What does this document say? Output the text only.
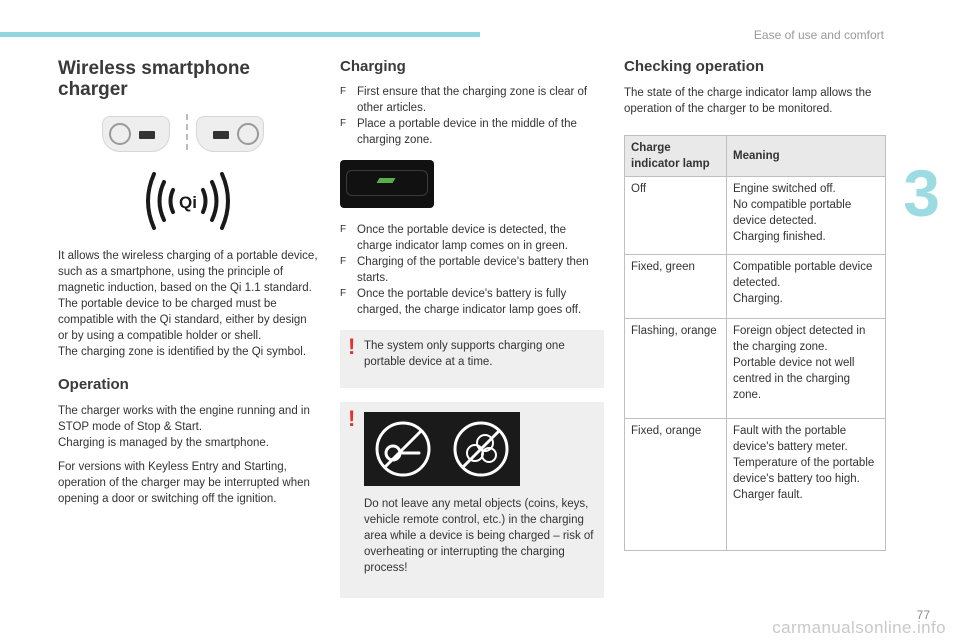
Ease of use and comfort
3
Wireless smartphone charger
Qi

It allows the wireless charging of a portable device, such as a smartphone, using the principle of magnetic induction, based on the Qi 1.1 standard.

The portable device to be charged must be compatible with the Qi standard, either by design or by using a compatible holder or shell.

The charging zone is identified by the Qi symbol.

Operation

The charger works with the engine running and in STOP mode of Stop & Start.

Charging is managed by the smartphone.

For versions with Keyless Entry and Starting, operation of the charger may be interrupted when opening a door or switching off the ignition.

Charging
F First ensure that the charging zone is clear of other articles.
F Place a portable device in the middle of the charging zone.
F Once the portable device is detected, the charge indicator lamp comes on in green.
F Charging of the portable device's battery then starts.
F Once the portable device's battery is fully charged, the charge indicator lamp goes off.
! The system only supports charging one portable device at a time.

!

Do not leave any metal objects (coins, keys, vehicle remote control, etc.) in the charging area while a device is being charged – risk of overheating or interrupting the charging process!

Checking operation

The state of the charge indicator lamp allows the operation of the charger to be monitored.

Charge indicator lamp	Meaning
Off	Engine switched off.
No compatible portable device detected.
Charging finished.

Fixed, green	Compatible portable device detected.
Charging.

Flashing, orange	Foreign object detected in the charging zone.
Portable device not well centred in the charging zone.

Fixed, orange	Fault with the portable device's battery meter.
Temperature of the portable device's battery too high.
Charger fault.
77
carmanualsonline.info
